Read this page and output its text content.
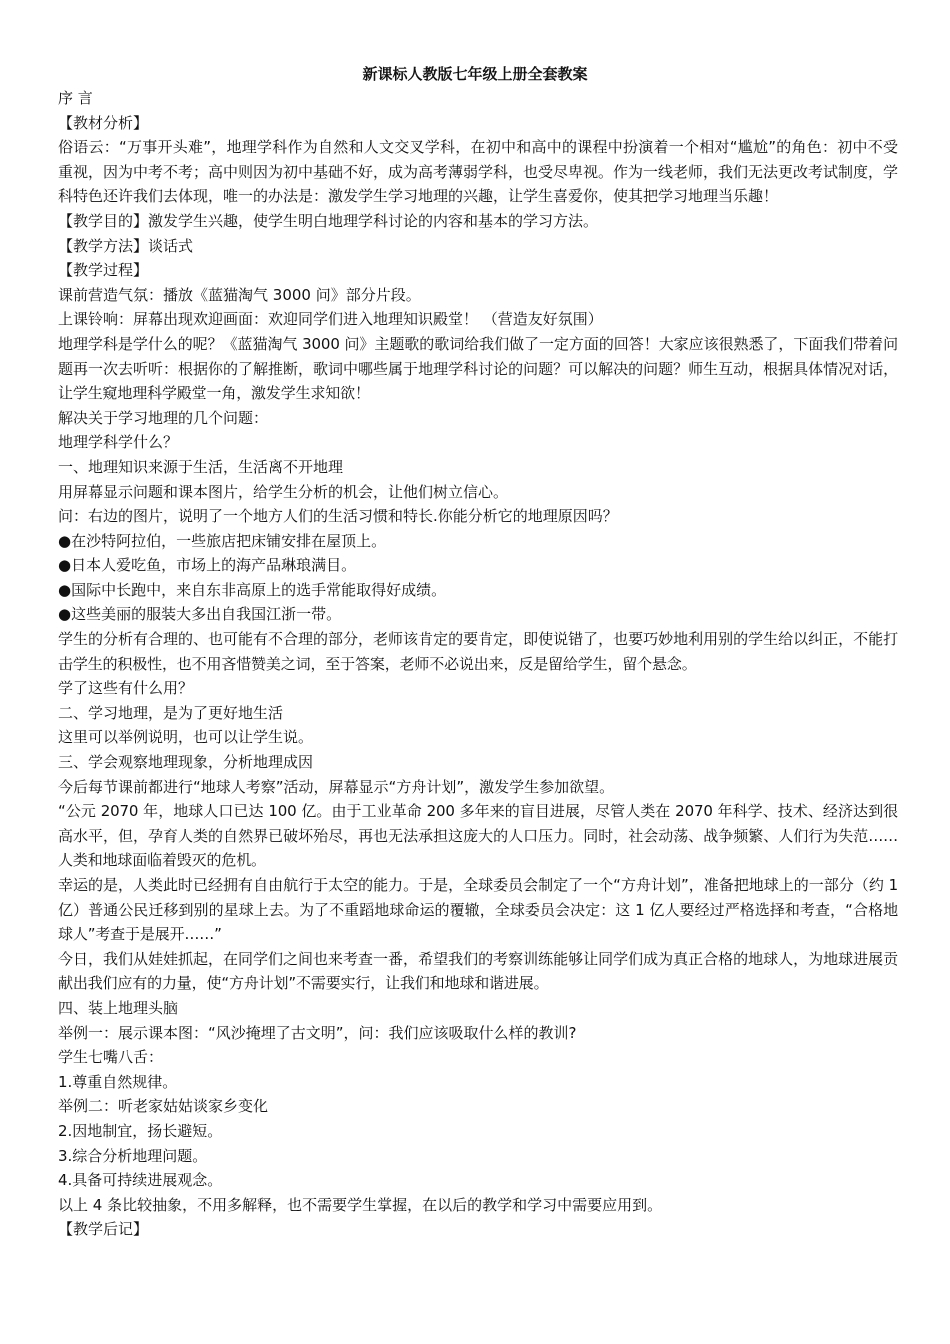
新课标人教版七年级上册全套教案

序 言

【教材分析】

俗语云：“万事开头难”，地理学科作为自然和人文交叉学科，在初中和高中的课程中扮演着一个相对“尴尬”的角色：初中不受重视，因为中考不考；高中则因为初中基础不好，成为高考薄弱学科，也受尽卑视。作为一线老师，我们无法更改考试制度，学科特色还许我们去体现，唯一的办法是：激发学生学习地理的兴趣，让学生喜爱你，使其把学习地理当乐趣！

【教学目的】激发学生兴趣，使学生明白地理学科讨论的内容和基本的学习方法。

【教学方法】谈话式

【教学过程】

课前营造气氛：播放《蓝猫淘气 3000 问》部分片段。

上课铃响：屏幕出现欢迎画面：欢迎同学们进入地理知识殿堂！ （营造友好氛围）

地理学科是学什么的呢？《蓝猫淘气 3000 问》主题歌的歌词给我们做了一定方面的回答！大家应该很熟悉了，下面我们带着问题再一次去听听：根据你的了解推断，歌词中哪些属于地理学科讨论的问题？可以解决的问题？师生互动，根据具体情况对话，让学生窥地理科学殿堂一角，激发学生求知欲！

解决关于学习地理的几个问题：

地理学科学什么？

一、地理知识来源于生活，生活离不开地理

用屏幕显示问题和课本图片，给学生分析的机会，让他们树立信心。

问：右边的图片，说明了一个地方人们的生活习惯和特长.你能分析它的地理原因吗？

●在沙特阿拉伯，一些旅店把床铺安排在屋顶上。

●日本人爱吃鱼，市场上的海产品琳琅满目。

●国际中长跑中，来自东非高原上的选手常能取得好成绩。

●这些美丽的服装大多出自我国江浙一带。

学生的分析有合理的、也可能有不合理的部分，老师该肯定的要肯定，即使说错了，也要巧妙地利用别的学生给以纠正，不能打击学生的积极性，也不用吝惜赞美之词，至于答案，老师不必说出来，反是留给学生，留个悬念。

学了这些有什么用？

二、学习地理，是为了更好地生活

这里可以举例说明，也可以让学生说。

三、学会观察地理现象，分析地理成因

今后每节课前都进行“地球人考察”活动，屏幕显示“方舟计划”，激发学生参加欲望。

“公元 2070 年，地球人口已达 100 亿。由于工业革命 200 多年来的盲目进展，尽管人类在 2070 年科学、技术、经济达到很高水平，但，孕育人类的自然界已破坏殆尽，再也无法承担这庞大的人口压力。同时，社会动荡、战争频繁、人们行为失范……人类和地球面临着毁灭的危机。

幸运的是，人类此时已经拥有自由航行于太空的能力。于是，全球委员会制定了一个“方舟计划”，准备把地球上的一部分（约 1 亿）普通公民迁移到别的星球上去。为了不重蹈地球命运的覆辙，全球委员会决定：这 1 亿人要经过严格选择和考查，“合格地球人”考查于是展开……”

今日，我们从娃娃抓起，在同学们之间也来考查一番，希望我们的考察训练能够让同学们成为真正合格的地球人，为地球进展贡献出我们应有的力量，使“方舟计划”不需要实行，让我们和地球和谐进展。

四、装上地理头脑

举例一：展示课本图：“风沙掩埋了古文明”，问：我们应该吸取什么样的教训?

学生七嘴八舌：

1.尊重自然规律。

举例二：听老家姑姑谈家乡变化

2.因地制宜，扬长避短。

3.综合分析地理问题。

4.具备可持续进展观念。

以上 4 条比较抽象，不用多解释，也不需要学生掌握，在以后的教学和学习中需要应用到。

【教学后记】
